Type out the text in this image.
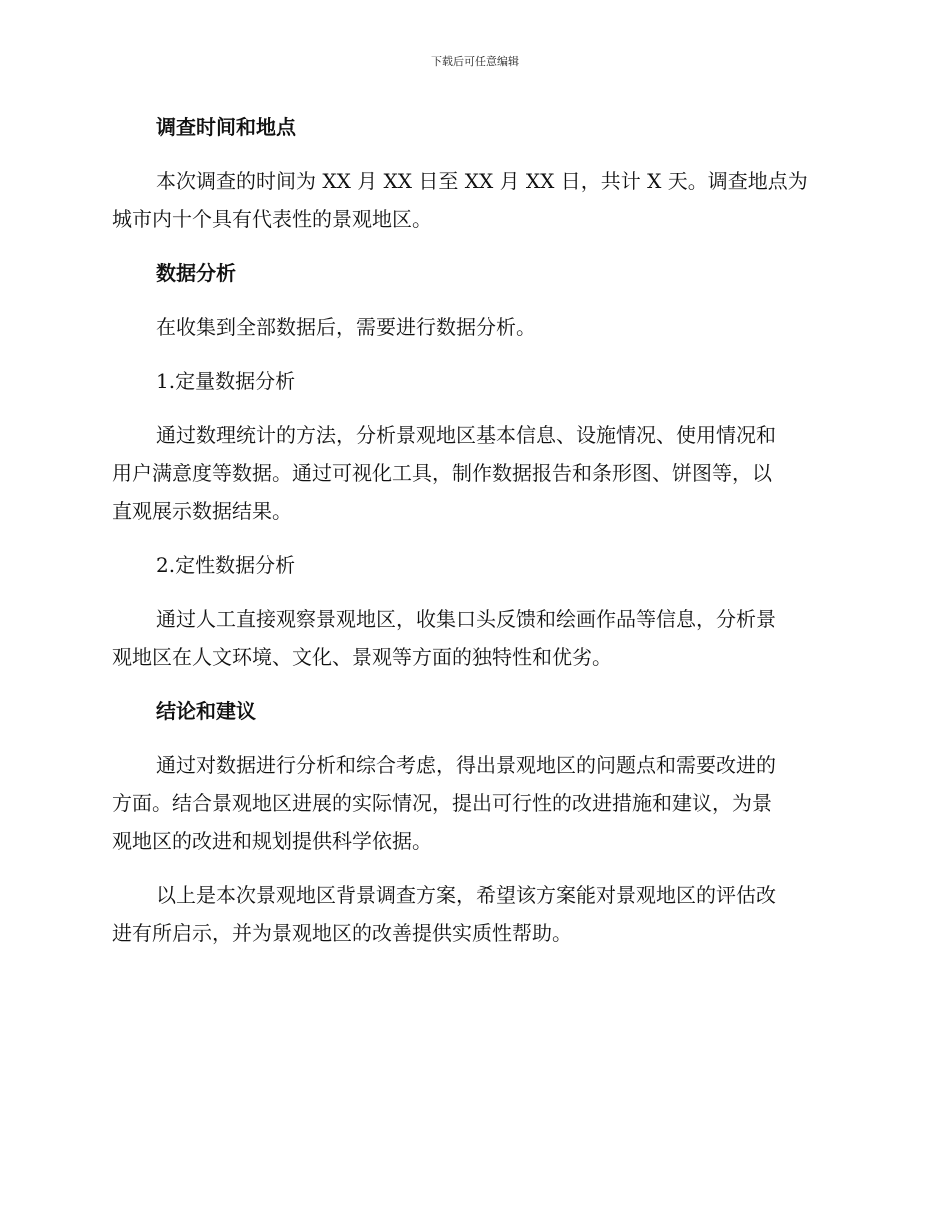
下载后可任意编辑
调查时间和地点

本次调查的时间为 XX 月 XX 日至 XX 月 XX 日，共计 X 天。调查地点为
城市内十个具有代表性的景观地区。

数据分析

在收集到全部数据后，需要进行数据分析。

1.定量数据分析

通过数理统计的方法，分析景观地区基本信息、设施情况、使用情况和
用户满意度等数据。通过可视化工具，制作数据报告和条形图、饼图等，以
直观展示数据结果。

2.定性数据分析

通过人工直接观察景观地区，收集口头反馈和绘画作品等信息，分析景
观地区在人文环境、文化、景观等方面的独特性和优劣。

结论和建议

通过对数据进行分析和综合考虑，得出景观地区的问题点和需要改进的
方面。结合景观地区进展的实际情况，提出可行性的改进措施和建议，为景
观地区的改进和规划提供科学依据。

以上是本次景观地区背景调查方案，希望该方案能对景观地区的评估改
进有所启示，并为景观地区的改善提供实质性帮助。
